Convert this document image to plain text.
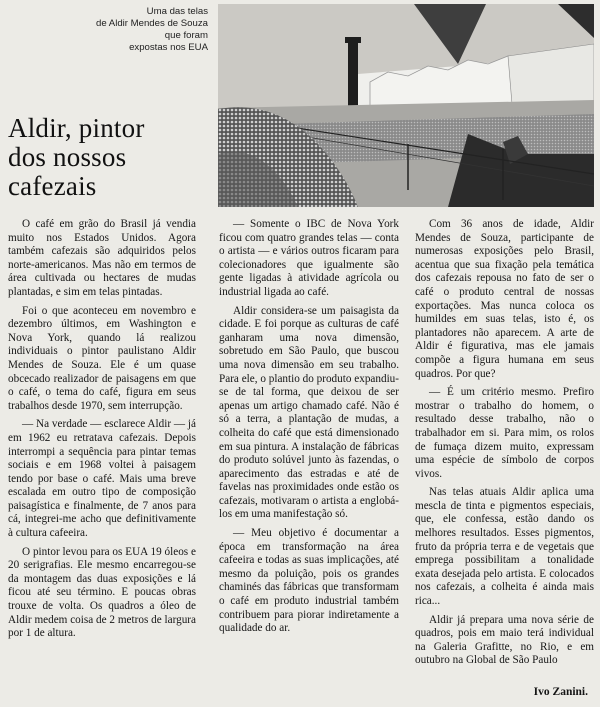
Uma das telas
de Aldir Mendes de Souza
que foram
expostas nos EUA
Aldir, pintor
dos nossos
cafezais

O café em grão do Brasil já vendia muito nos Estados Unidos. Agora também cafezais são adquiridos pelos norte-americanos. Mas não em termos de área cultivada ou hectares de mudas plantadas, e sim em telas pintadas.

Foi o que aconteceu em novembro e dezembro últimos, em Washington e Nova York, quando lá realizou individuais o pintor paulistano Aldir Mendes de Souza. Ele é um quase obcecado realizador de paisagens em que o café, o tema do café, figura em seus trabalhos desde 1970, sem interrupção.

— Na verdade — esclarece Aldir — já em 1962 eu retratava cafezais. Depois interrompi a sequência para pintar temas sociais e em 1968 voltei à paisagem tendo por base o café. Mais uma breve escalada em outro tipo de composição paisagística e finalmente, de 7 anos para cá, integrei-me acho que definitivamente à cultura cafeeira.

O pintor levou para os EUA 19 óleos e 20 serigrafias. Ele mesmo encarregou-se da montagem das duas exposições e lá ficou até seu término. E poucas obras trouxe de volta. Os quadros a óleo de Aldir medem coisa de 2 metros de largura por 1 de altura.

— Somente o IBC de Nova York ficou com quatro grandes telas — conta o artista — e vários outros ficaram para colecionadores que igualmente são gente ligadas à atividade agrícola ou industrial ligada ao café.

Aldir considera-se um paisagista da cidade. E foi porque as culturas de café ganharam uma nova dimensão, sobretudo em São Paulo, que buscou uma nova dimensão em seu trabalho. Para ele, o plantio do produto expandiu-se de tal forma, que deixou de ser apenas um artigo chamado café. Não é só a terra, a plantação de mudas, a colheita do café que está dimensionado em sua pintura. A instalação de fábricas do produto solúvel junto às fazendas, o aparecimento das estradas e até de favelas nas proximidades onde estão os cafezais, motivaram o artista a englobá-los em uma manifestação só.

— Meu objetivo é documentar a época em transformação na área cafeeira e todas as suas implicações, até mesmo da poluição, pois os grandes chaminés das fábricas que transformam o café em produto industrial também contribuem para piorar indiretamente a qualidade do ar.

Com 36 anos de idade, Aldir Mendes de Souza, participante de numerosas exposições pelo Brasil, acentua que sua fixação pela temática dos cafezais repousa no fato de ser o café o produto central de nossas exportações. Mas nunca coloca os humildes em suas telas, isto é, os plantadores não aparecem. A arte de Aldir é figurativa, mas ele jamais compõe a figura humana em seus quadros. Por que?

— É um critério mesmo. Prefiro mostrar o trabalho do homem, o resultado desse trabalho, não o trabalhador em si. Para mim, os rolos de fumaça dizem muito, expressam uma espécie de símbolo de corpos vivos.

Nas telas atuais Aldir aplica uma mescla de tinta e pigmentos especiais, que, ele confessa, estão dando os melhores resultados. Esses pigmentos, fruto da própria terra e de vegetais que emprega possibilitam a tonalidade exata desejada pelo artista. E colocados nos cafezais, a colheita é ainda mais rica...

Aldir já prepara uma nova série de quadros, pois em maio terá individual na Galeria Grafitte, no Rio, e em outubro na Global de São Paulo

Ivo Zanini.
